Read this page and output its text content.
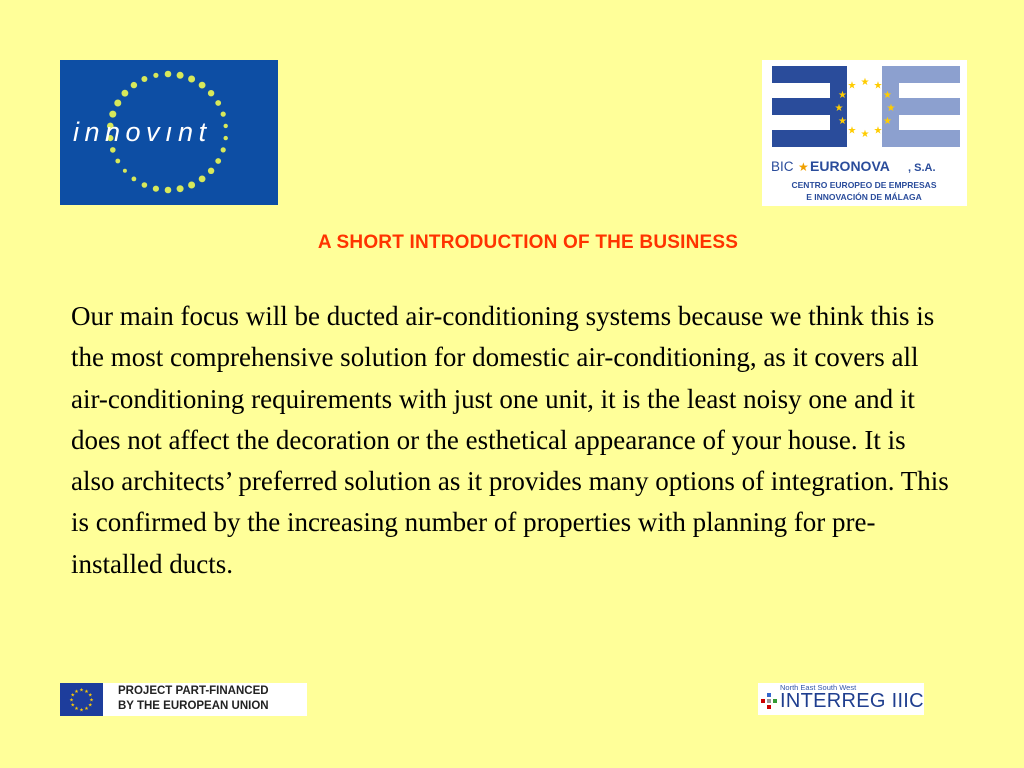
innovınt
★
★
★
★
★
★
★
★
★ ★ ★
★
BIC ★ EURONOVA , S.A.
CENTRO EUROPEO DE EMPRESAS
E INNOVACIÓN DE MÁLAGA
A SHORT INTRODUCTION OF THE BUSINESS

Our main focus will be ducted air-conditioning systems because we think this is the most comprehensive solution for domestic air-conditioning, as it covers all air-conditioning requirements with just one unit, it is the least noisy one and it does not affect the decoration or the esthetical appearance of your house. It is also architects’ preferred solution as it provides many options of integration. This is confirmed by the increasing number of properties with planning for pre-installed ducts.

★
★
★
★
★
★
★
★
★ ★ ★
★ PROJECT PART-FINANCED
BY THE EUROPEAN UNION
North East South West
INTERREG IIIC
